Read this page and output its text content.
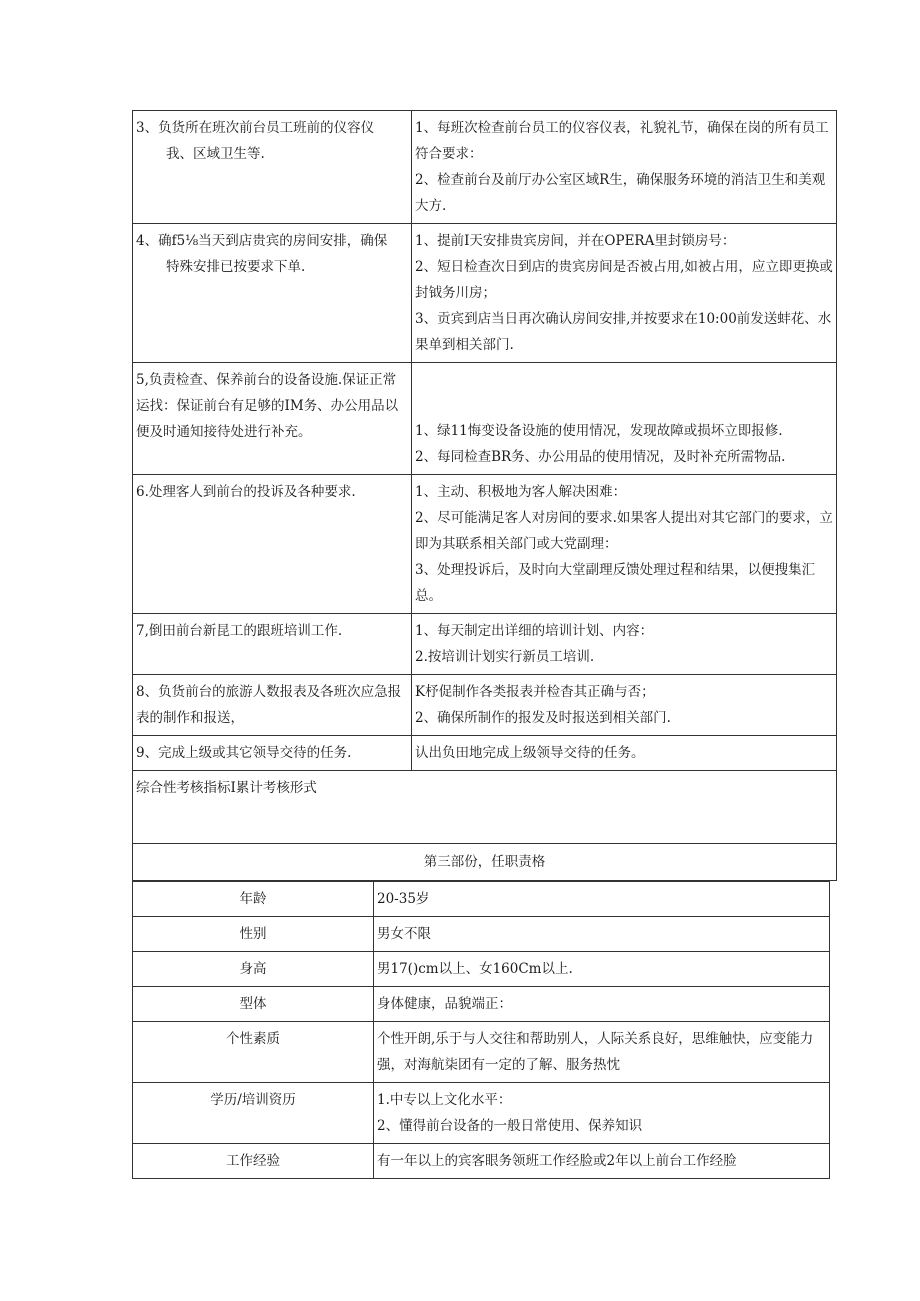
3、负货所在班次前台员工班前的仪容仪
我、区域卫生等.	1、每班次检查前台员工的仪容仪表，礼貌礼节，确保在岗的所有员工符合要求：
2、检查前台及前厅办公室区域R生，确保服务环境的消洁卫生和美观大方.

4、确f5⅛当天到店贵宾的房间安排，确保
特殊安排已按要求下单.	1、提前I天安排贵宾房间，并在OPERA里封锁房号：
2、短日检查次日到店的贵宾房间是否被占用,如被占用，应立即更换或封钺务川房；
3、贡宾到店当日再次确认房间安排,并按要求在10:00前发送蚌花、水果单到相关部门.

5,负责检查、保养前台的设备设施.保证正常运找：保证前台有足够的IM务、办公用品以便及时通知接待处进行补充。	1、绿11悔变设备设施的使用情况，发现故障或损坏立即报修.
2、每同检查BR务、办公用品的使用情况，及时补充所需物品.

6.处理客人到前台的投诉及各种要求.	1、主动、积极地为客人解决困难：
2、尽可能满足客人对房间的要求.如果客人提出对其它部门的要求，立即为其联系相关部门或大党副理：
3、处理投诉后，及时向大堂副理反馈处理过程和结果，以便搜集汇总。

7,倒田前台新昆工的跟班培训工作.	1、每天制定出详细的培训计划、内容：
2.按培训计划实行新员工培训.

8、负货前台的旅游人数报表及各班次应急报表的制作和报送，	K杼促制作各类报表并检杳其正确与否；
2、确保所制作的报发及时报送到相关部门.

9、完成上级或其它领导交待的任务.	认出负田地完成上级领导交待的任务。

综合性考核指标I累计考核形式	
第三部份，任职责格	
年龄	20-35岁

性别	男女不限

身高	男17()cm以上、女160Cm以上.

型体	身体健康，品貌端正：

个性素质	个性开朗,乐于与人交往和帮助别人，人际关系良好，思维触快，应变能力强，对海航柒团有一定的了解、服务热忱

学历/培训资历	1.中专以上文化水平：
2、懂得前台设备的一般日常使用、保养知识

工作经验	有一年以上的宾客眼务领班工作经脸或2年以上前台工作经脸
